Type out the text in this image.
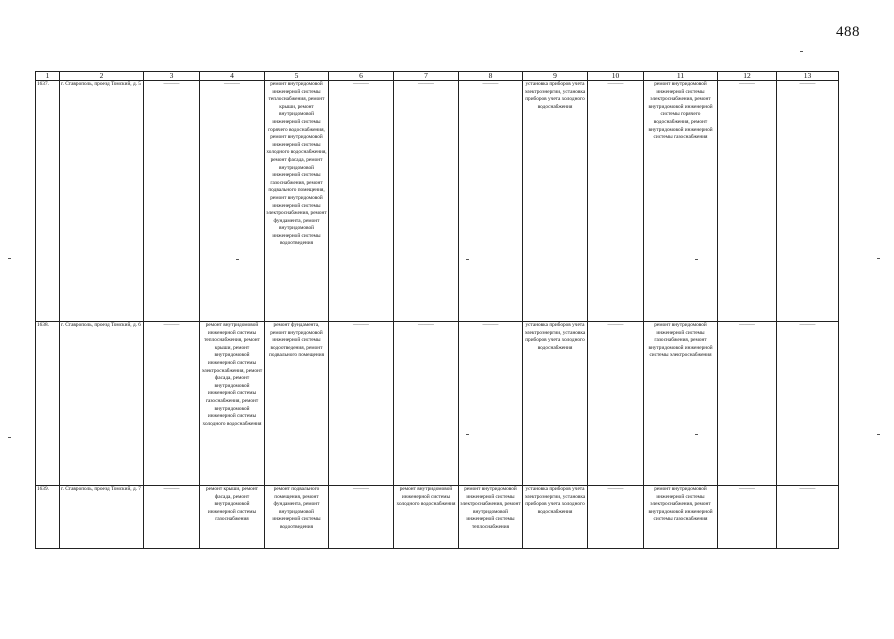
488
1	2	3	4	5	6	7	8	9	10	11	12	13
1637.	г. Ставрополь, проезд Томский, д. 5	———	———	ремонт внутридомовой инженерной системы теплоснабжения, ремонт крыши, ремонт внутридомовой инженерной системы горячего водоснабжения, ремонт внутридомовой инженерной системы холодного водоснабжения, ремонт фасада, ремонт внутридомовой инженерной системы газоснабжения, ремонт подвального помещения, ремонт внутридомовой инженерной системы электроснабжения, ремонт фундамента, ремонт внутридомовой инженерной системы водоотведения	———	———	———	установка приборов учета электроэнергии, установка приборов учета холодного водоснабжения	———	ремонт внутридомовой инженерной системы электроснабжения, ремонт внутридомовой инженерной системы горячего водоснабжения, ремонт внутридомовой инженерной системы газоснабжения	———	———
1638.	г. Ставрополь, проезд Томский, д. 6	———	ремонт внутридомовой инженерной системы теплоснабжения, ремонт крыши, ремонт внутридомовой инженерной системы электроснабжения, ремонт фасада, ремонт внутридомовой инженерной системы газоснабжения, ремонт внутридомовой инженерной системы холодного водоснабжения	ремонт фундамента, ремонт внутридомовой инженерной системы водоотведения, ремонт подвального помещения	———	———	———	установка приборов учета электроэнергии, установка приборов учета холодного водоснабжения	———	ремонт внутридомовой инженерной системы газоснабжения, ремонт внутридомовой инженерной системы электроснабжения	———	———
1639.	г. Ставрополь, проезд Томский, д. 7	———	ремонт крыши, ремонт фасада, ремонт внутридомовой инженерной системы газоснабжения	ремонт подвального помещения, ремонт фундамента, ремонт внутридомовой инженерной системы водоотведения	———	ремонт внутридомовой инженерной системы холодного водоснабжения	ремонт внутридомовой инженерной системы электроснабжения, ремонт внутридомовой инженерной системы теплоснабжения	установка приборов учета электроэнергии, установка приборов учета холодного водоснабжения	———	ремонт внутридомовой инженерной системы электроснабжения, ремонт внутридомовой инженерной системы газоснабжения	———	———
